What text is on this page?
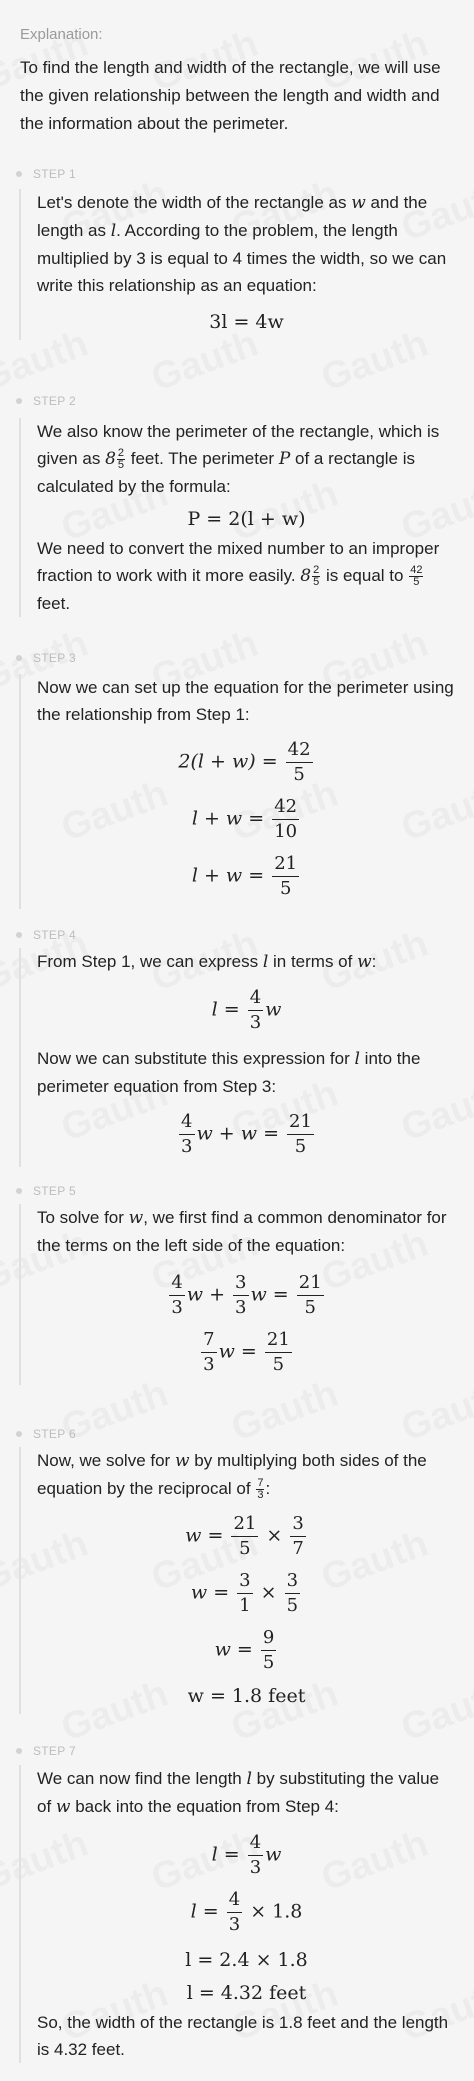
Explanation:
To find the length and width of the rectangle, we will use the given relationship between the length and width and the information about the perimeter.
STEP 1

Let's denote the width of the rectangle as w and the length as l. According to the problem, the length multiplied by 3 is equal to 4 times the width, so we can write this relationship as an equation:

3l = 4w
STEP 2

We also know the perimeter of the rectangle, which is given as $8 \frac{2}{5}$ feet. The perimeter P of a rectangle is calculated by the formula:

P = 2(l + w)

We need to convert the mixed number to an improper fraction to work with it more easily. $8 \frac{2}{5}$ is equal to $\frac{42}{5}$
feet.

STEP 3

Now we can set up the equation for the perimeter using the relationship from Step 1:

$2(l + w) = \frac{42}{5}$
$l + w = \frac{42}{10}$
$l + w = \frac{21}{5}$
STEP 4

From Step 1, we can express l in terms of w:

$l = \frac{4}{3}$ w

Now we can substitute this expression for l into the perimeter equation from Step 3:

$\frac{4}{3}$ $w + w = \frac{21}{5}$
STEP 5

To solve for w, we first find a common denominator for the terms on the left side of the equation:

$\frac{4}{3}$ $w + \frac{3}{3}$ $w = \frac{21}{5}$
$\frac{7}{3}$ $w = \frac{21}{5}$
STEP 6

Now, we solve for w by multiplying both sides of the equation by the reciprocal of $\frac{7}{3}$ :

$w = \frac{21}{5} \times \frac{3}{7}$
$w = \frac{3}{1} \times \frac{3}{5}$
$w = \frac{9}{5}$
w = 1.8 feet
STEP 7

We can now find the length l by substituting the value of w back into the equation from Step 4:

$l = \frac{4}{3}$ w
$l = \frac{4}{3} \times 1.8$
l = 2.4 × 1.8
l = 4.32 feet

So, the width of the rectangle is 1.8 feet and the length is 4.32 feet.
